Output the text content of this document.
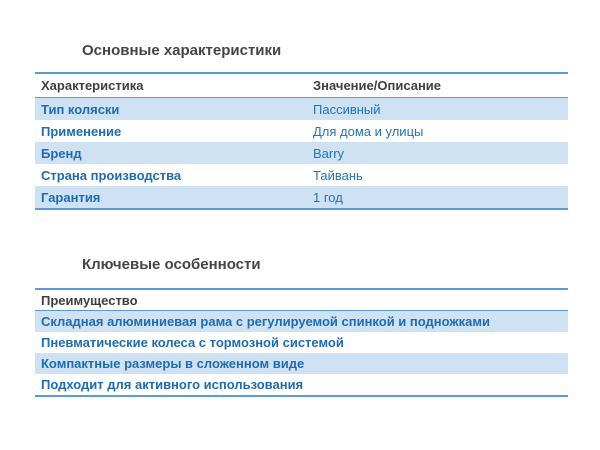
Основные характеристики
Характеристика	Значение/Описание
Тип коляски	Пассивный
Применение	Для дома и улицы
Бренд	Barry
Страна производства	Тайвань
Гарантия	1 год
Ключевые особенности
Преимущество
Складная алюминиевая рама с регулируемой спинкой и подножками
Пневматические колеса с тормозной системой
Компактные размеры в сложенном виде
Подходит для активного использования
